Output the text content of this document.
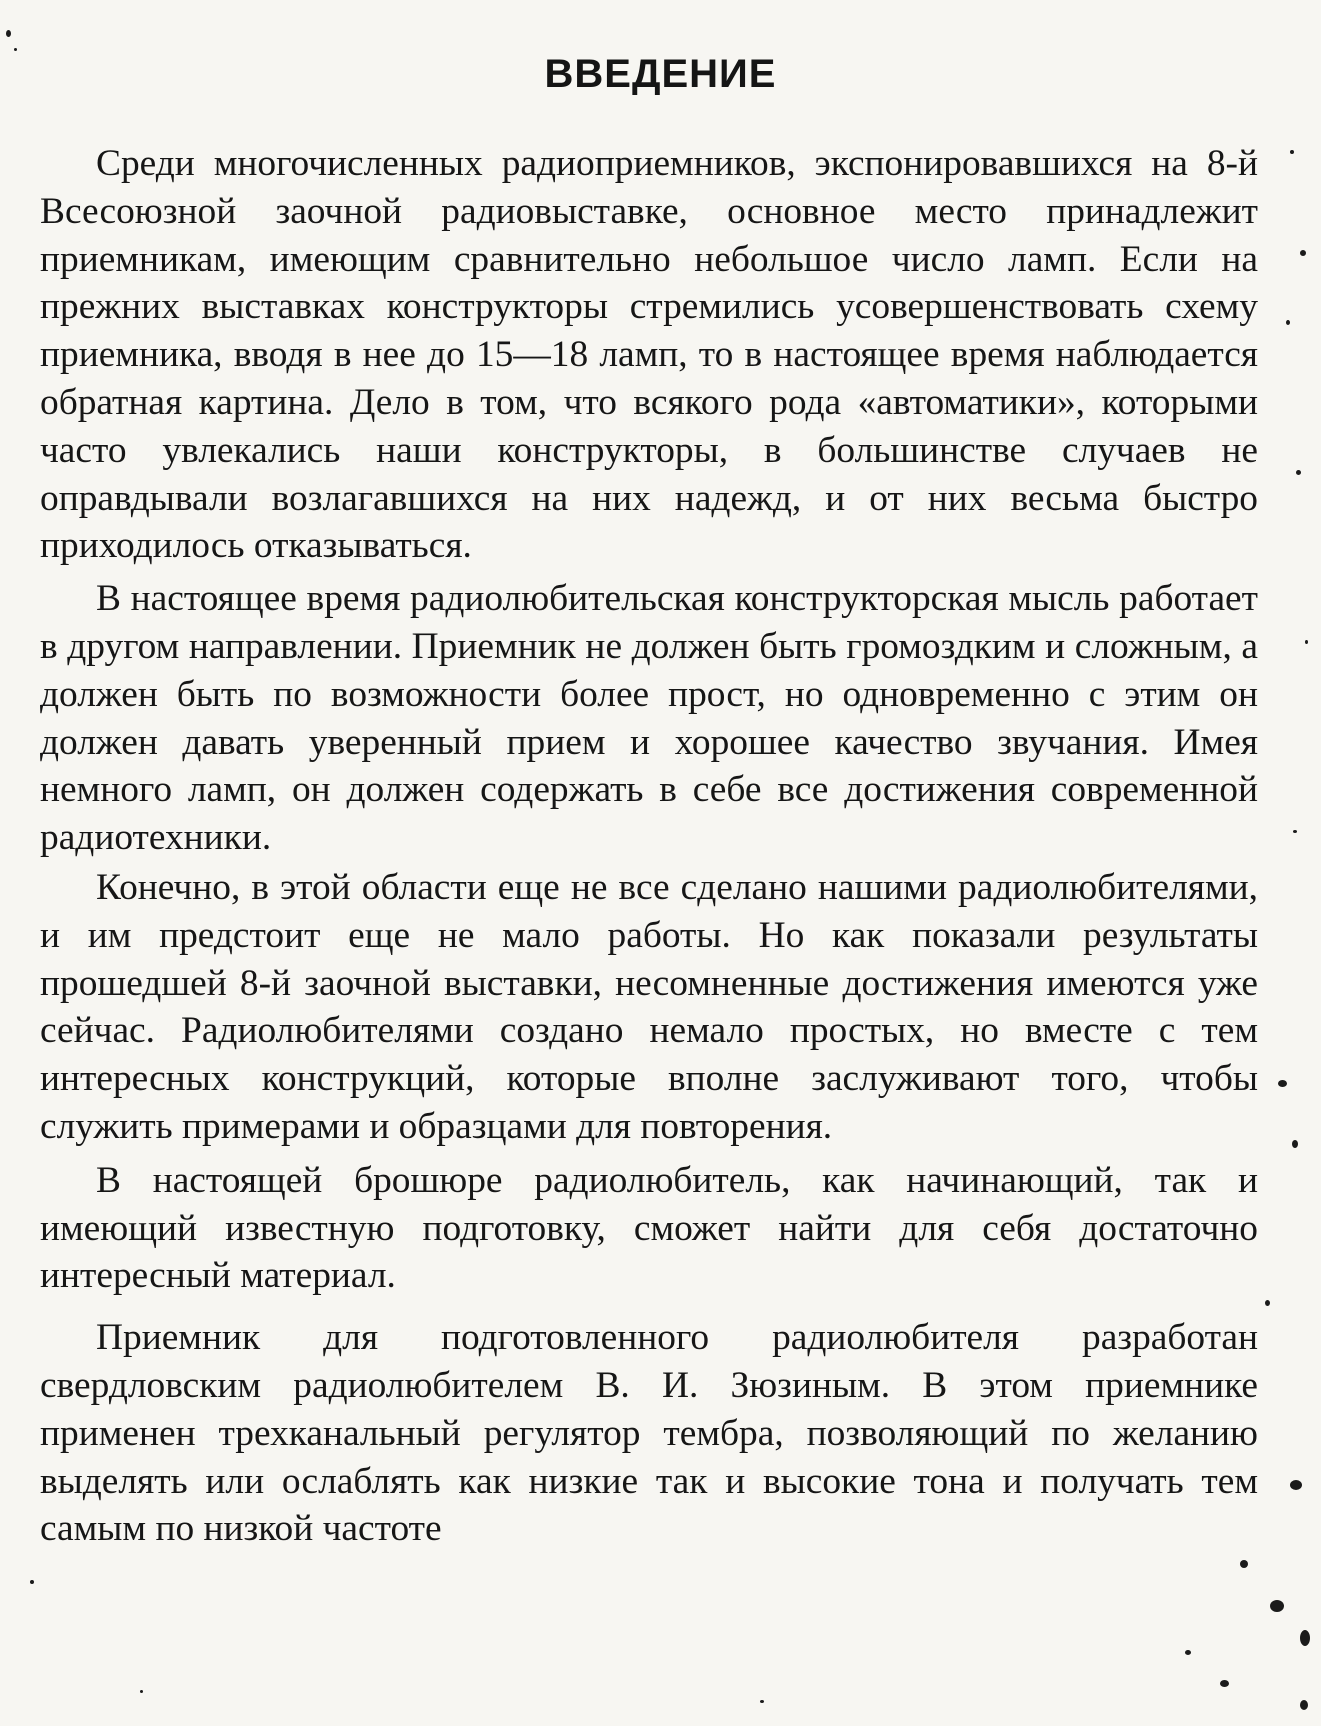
ВВЕДЕНИЕ

Среди многочисленных радиоприемников, экспонировавшихся на 8-й Всесоюзной заочной радиовыставке, основное место принадлежит приемникам, имеющим сравнительно небольшое число ламп. Если на прежних выставках конструкторы стремились усовершенствовать схему приемника, вводя в нее до 15—18 ламп, то в настоящее время наблюдается обратная картина. Дело в том, что всякого рода «автоматики», которыми часто увлекались наши конструкторы, в большинстве случаев не оправдывали возлагавшихся на них надежд, и от них весьма быстро приходилось отказываться.

В настоящее время радиолюбительская конструкторская мысль работает в другом направлении. Приемник не должен быть громоздким и сложным, а должен быть по возможности более прост, но одновременно с этим он должен давать уверенный прием и хорошее качество звучания. Имея немного ламп, он должен содержать в себе все достижения современной радиотехники.

Конечно, в этой области еще не все сделано нашими радиолюбителями, и им предстоит еще не мало работы. Но как показали результаты прошедшей 8-й заочной выставки, несомненные достижения имеются уже сейчас. Радиолюбителями создано немало простых, но вместе с тем интересных конструкций, которые вполне заслуживают того, чтобы служить примерами и образцами для повторения.

В настоящей брошюре радиолюбитель, как начинающий, так и имеющий известную подготовку, сможет найти для себя достаточно интересный материал.

Приемник для подготовленного радиолюбителя разработан свердловским радиолюбителем В. И. Зюзиным. В этом приемнике применен трехканальный регулятор тембра, позволяющий по желанию выделять или ослаблять как низкие так и высокие тона и получать тем самым по низкой частоте
